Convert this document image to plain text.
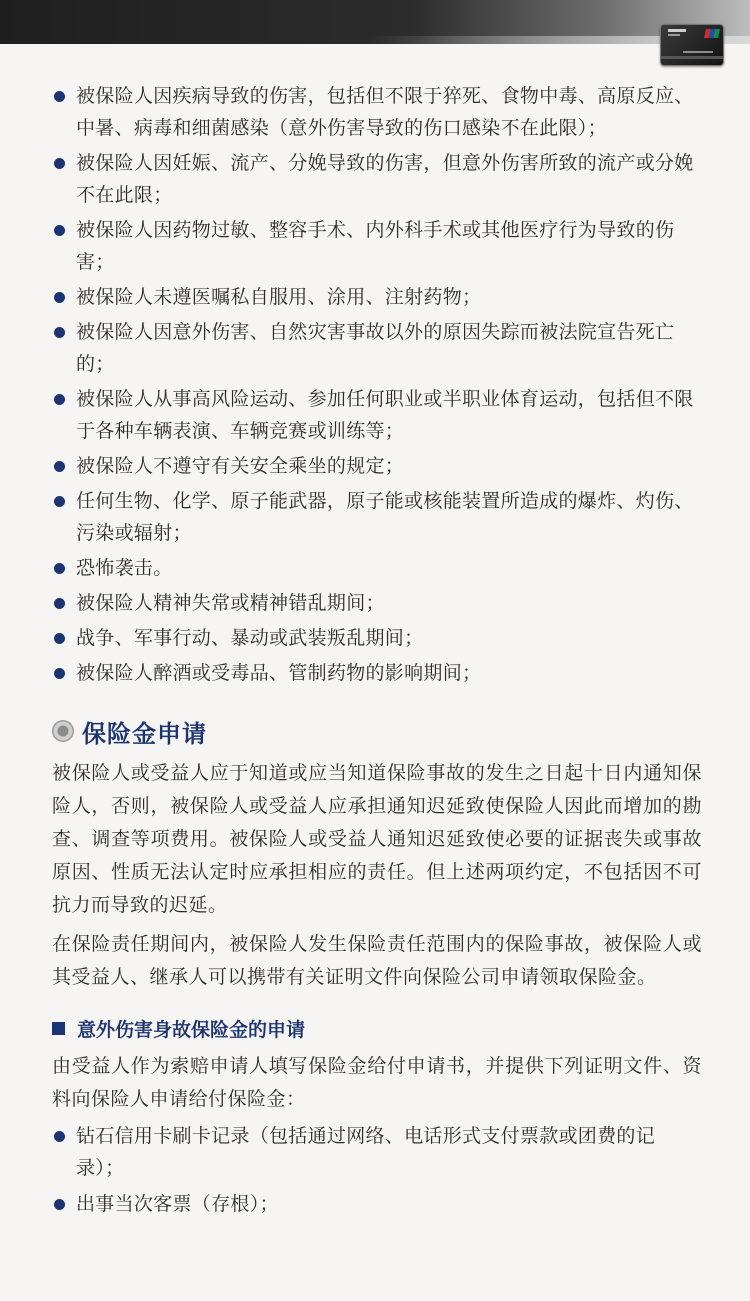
被保险人因疾病导致的伤害，包括但不限于猝死、食物中毒、高原反应、中暑、病毒和细菌感染（意外伤害导致的伤口感染不在此限）；
被保险人因妊娠、流产、分娩导致的伤害，但意外伤害所致的流产或分娩不在此限；
被保险人因药物过敏、整容手术、内外科手术或其他医疗行为导致的伤害；
被保险人未遵医嘱私自服用、涂用、注射药物；
被保险人因意外伤害、自然灾害事故以外的原因失踪而被法院宣告死亡的；
被保险人从事高风险运动、参加任何职业或半职业体育运动，包括但不限于各种车辆表演、车辆竞赛或训练等；
被保险人不遵守有关安全乘坐的规定；
任何生物、化学、原子能武器，原子能或核能装置所造成的爆炸、灼伤、污染或辐射；
恐怖袭击。
被保险人精神失常或精神错乱期间；
战争、军事行动、暴动或武装叛乱期间；
被保险人醉酒或受毒品、管制药物的影响期间；
保险金申请

被保险人或受益人应于知道或应当知道保险事故的发生之日起十日内通知保险人，否则，被保险人或受益人应承担通知迟延致使保险人因此而增加的勘查、调查等项费用。被保险人或受益人通知迟延致使必要的证据丧失或事故原因、性质无法认定时应承担相应的责任。但上述两项约定，不包括因不可抗力而导致的迟延。

在保险责任期间内，被保险人发生保险责任范围内的保险事故，被保险人或其受益人、继承人可以携带有关证明文件向保险公司申请领取保险金。

意外伤害身故保险金的申请

由受益人作为索赔申请人填写保险金给付申请书，并提供下列证明文件、资料向保险人申请给付保险金：

钻石信用卡刷卡记录（包括通过网络、电话形式支付票款或团费的记录）；
出事当次客票（存根）；
